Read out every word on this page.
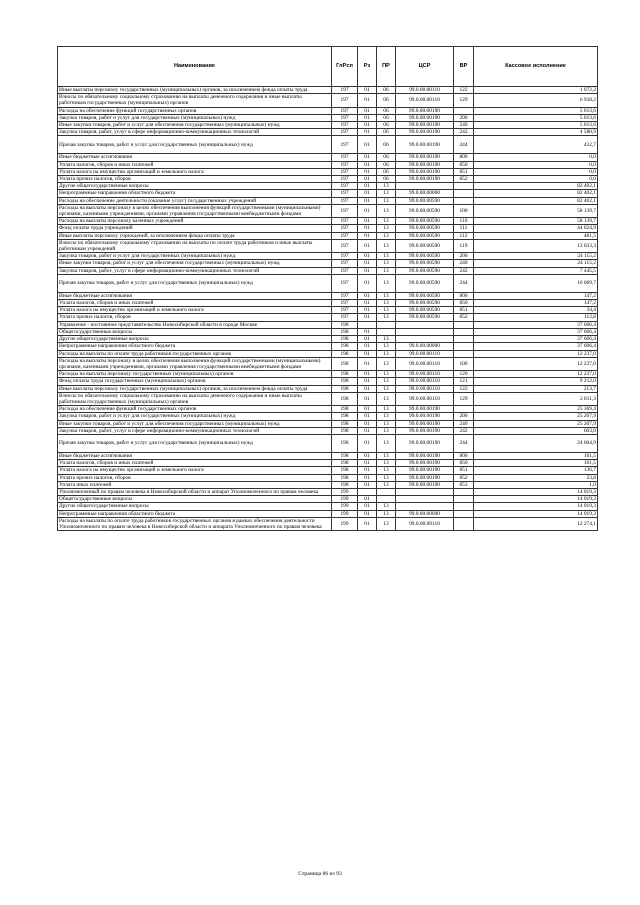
Наименование	ГлРсп	Рз	ПР	ЦСР	ВР	Кассовое исполнение
Иные выплаты персоналу государственных (муниципальных) органов, за исключением фонда оплаты труда	197	01	06	99.0.00.00110	122	1 072,2
Взносы по обязательному социальному страхованию на выплаты денежного содержания и иные выплаты работникам государственных (муниципальных) органов	197	01	06	99.0.00.00110	129	6 918,2
Расходы на обеспечение функций государственных органов	197	01	06	99.0.00.00190		5 013,6
Закупка товаров, работ и услуг для государственных (муниципальных) нужд	197	01	06	99.0.00.00190	200	5 013,6
Иные закупки товаров, работ и услуг для обеспечения государственных (муниципальных) нужд	197	01	06	99.0.00.00190	240	5 013,6
Закупка товаров, работ, услуг в сфере информационно-коммуникационных технологий	197	01	06	99.0.00.00190	242	4 580,9
Прочая закупка товаров, работ и услуг для государственных (муниципальных) нужд	197	01	06	99.0.00.00190	244	432,7
Иные бюджетные ассигнования	197	01	06	99.0.00.00190	800	0,0
Уплата налогов, сборов и иных платежей	197	01	06	99.0.00.00190	850	0,0
Уплата налога на имущество организаций и земельного налога	197	01	06	99.0.00.00190	851	0,0
Уплата прочих налогов, сборов	197	01	06	99.0.00.00190	852	0,0
Другие общегосударственные вопросы	197	01	13			82 402,1
Непрограммные направления областного бюджета	197	01	13	99.0.00.00000		82 402,1
Расходы на обеспечение деятельности (оказание услуг) государственных учреждений	197	01	13	99.0.00.00590		82 402,1
Расходы на выплаты персоналу в целях обеспечения выполнения функций государственными (муниципальными) органами, казенными учреждениями, органами управления государственными внебюджетными фондами	197	01	13	99.0.00.00590	100	58 139,7
Расходы на выплаты персоналу казенных учреждений	197	01	13	99.0.00.00590	110	58 139,7
Фонд оплаты труда учреждений	197	01	13	99.0.00.00590	111	44 624,9
Иные выплаты персоналу учреждений, за исключением фонда оплаты труда	197	01	13	99.0.00.00590	112	481,5
Взносы по обязательному социальному страхованию на выплаты по оплате труда работников и иные выплаты работникам учреждений	197	01	13	99.0.00.00590	119	13 033,3
Закупка товаров, работ и услуг для государственных (муниципальных) нужд	197	01	13	99.0.00.00590	200	24 115,2
Иные закупки товаров, работ и услуг для обеспечения государственных (муниципальных) нужд	197	01	13	99.0.00.00590	240	24 115,2
Закупка товаров, работ, услуг в сфере информационно-коммуникационных технологий	197	01	13	99.0.00.00590	242	7 445,5
Прочая закупка товаров, работ и услуг для государственных (муниципальных) нужд	197	01	13	99.0.00.00590	244	16 669,7
Иные бюджетные ассигнования	197	01	13	99.0.00.00590	800	147,2
Уплата налогов, сборов и иных платежей	197	01	13	99.0.00.00590	850	147,2
Уплата налога на имущество организаций и земельного налога	197	01	13	99.0.00.00590	851	34,4
Уплата прочих налогов, сборов	197	01	13	99.0.00.00590	852	112,8
Управление - постоянное представительство Новосибирской области в городе Москве	198					37 606,4
Общегосударственные вопросы	198	01				37 606,4
Другие общегосударственные вопросы	198	01	13			37 606,4
Непрограммные направления областного бюджета	198	01	13	99.0.00.00000		37 606,4
Расходы на выплаты по оплате труда работников государственных органов	198	01	13	99.0.00.00110		12 237,0
Расходы на выплаты персоналу в целях обеспечения выполнения функций государственными (муниципальными) органами, казенными учреждениями, органами управления государственными внебюджетными фондами	198	01	13	99.0.00.00110	100	12 237,0
Расходы на выплаты персоналу государственных (муниципальных) органов	198	01	13	99.0.00.00110	120	12 237,0
Фонд оплаты труда государственных (муниципальных) органов	198	01	13	99.0.00.00110	121	9 212,0
Иные выплаты персоналу государственных (муниципальных) органов, за исключением фонда оплаты труда	198	01	13	99.0.00.00110	122	213,7
Взносы по обязательному социальному страхованию на выплаты денежного содержания и иные выплаты работникам государственных (муниципальных) органов	198	01	13	99.0.00.00110	129	2 811,3
Расходы на обеспечение функций государственных органов	198	01	13	99.0.00.00190		25 369,4
Закупка товаров, работ и услуг для государственных (муниципальных) нужд	198	01	13	99.0.00.00190	200	25 207,9
Иные закупки товаров, работ и услуг для обеспечения государственных (муниципальных) нужд	198	01	13	99.0.00.00190	240	25 207,9
Закупка товаров, работ, услуг в сфере информационно-коммуникационных технологий	198	01	13	99.0.00.00190	242	603,0
Прочая закупка товаров, работ и услуг для государственных (муниципальных) нужд	198	01	13	99.0.00.00190	244	24 604,9
Иные бюджетные ассигнования	198	01	13	99.0.00.00190	800	161,5
Уплата налогов, сборов и иных платежей	198	01	13	99.0.00.00190	850	161,5
Уплата налога на имущество организаций и земельного налога	198	01	13	99.0.00.00190	851	136,7
Уплата прочих налогов, сборов	198	01	13	99.0.00.00190	852	23,8
Уплата иных платежей	198	01	13	99.0.00.00190	853	1,0
Уполномоченный по правам человека в Новосибирской области и аппарат Уполномоченного по правам человека	199					14 019,3
Общегосударственные вопросы	199	01				14 019,3
Другие общегосударственные вопросы	199	01	13			14 019,3
Непрограммные направления областного бюджета	199	01	13	99.0.00.00000		14 019,3
Расходы на выплаты по оплате труда работников государственных органов в рамках обеспечения деятельности Уполномоченного по правам человека в Новосибирской области и аппарата Уполномоченного по правам человека	199	01	13	99.0.00.09110		12 274,1
Страница 86 из 93
